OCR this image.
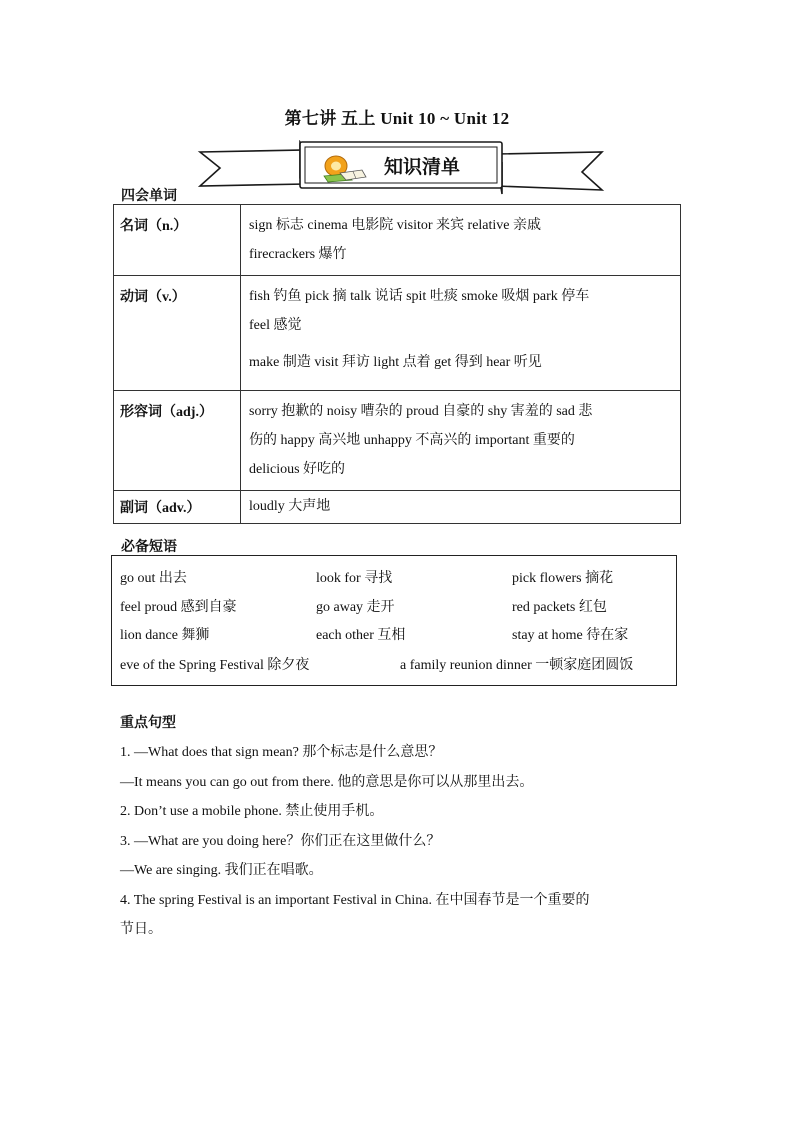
第七讲 五上 Unit 10 ~ Unit 12
知识清单
四会单词
名词（n.）	sign 标志 cinema 电影院 visitor 来宾 relative 亲戚
firecrackers 爆竹

动词（v.）	fish 钓鱼 pick 摘 talk 说话 spit 吐痰 smoke 吸烟 park 停车
feel 感觉
make 制造 visit 拜访 light 点着 get 得到 hear 听见

形容词（adj.）	sorry 抱歉的 noisy 嘈杂的 proud 自豪的 shy 害羞的 sad 悲
伤的 happy 高兴地 unhappy 不高兴的 important 重要的
delicious 好吃的

副词（adv.）	loudly 大声地
必备短语
go out 出去	look for 寻找	pick flowers 摘花
feel proud 感到自豪	go away 走开	red packets 红包
lion dance 舞狮	each other 互相	stay at home 待在家
eve of the Spring Festival 除夕夜	a family reunion dinner 一顿家庭团圆饭
重点句型
1. —What does that sign mean? 那个标志是什么意思？
—It means you can go out from there. 他的意思是你可以从那里出去。
2. Don’t use a mobile phone. 禁止使用手机。
3. —What are you doing here？你们正在这里做什么？
—We are singing. 我们正在唱歌。
4. The spring Festival is an important Festival in China. 在中国春节是一个重要的
节日。
